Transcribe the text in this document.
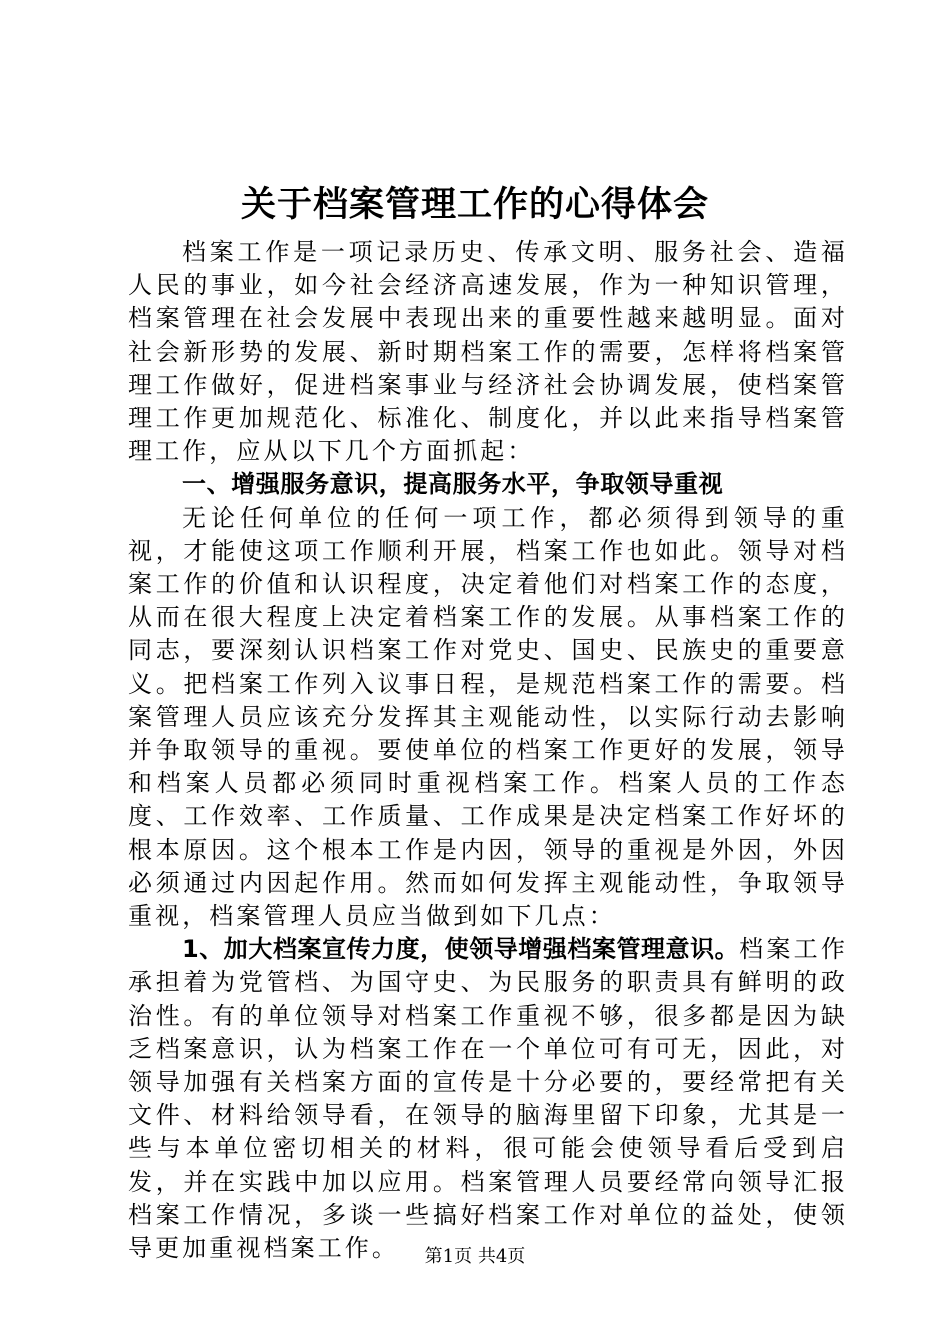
关于档案管理工作的心得体会

档案工作是一项记录历史、传承文明、服务社会、造福人民的事业，如今社会经济高速发展，作为一种知识管理，档案管理在社会发展中表现出来的重要性越来越明显。面对社会新形势的发展、新时期档案工作的需要，怎样将档案管理工作做好，促进档案事业与经济社会协调发展，使档案管理工作更加规范化、标准化、制度化，并以此来指导档案管理工作，应从以下几个方面抓起：

一、增强服务意识，提高服务水平，争取领导重视

无论任何单位的任何一项工作，都必须得到领导的重视，才能使这项工作顺利开展，档案工作也如此。领导对档案工作的价值和认识程度，决定着他们对档案工作的态度，从而在很大程度上决定着档案工作的发展。从事档案工作的同志，要深刻认识档案工作对党史、国史、民族史的重要意义。把档案工作列入议事日程，是规范档案工作的需要。档案管理人员应该充分发挥其主观能动性，以实际行动去影响并争取领导的重视。要使单位的档案工作更好的发展，领导和档案人员都必须同时重视档案工作。档案人员的工作态度、工作效率、工作质量、工作成果是决定档案工作好坏的根本原因。这个根本工作是内因，领导的重视是外因，外因必须通过内因起作用。然而如何发挥主观能动性，争取领导重视，档案管理人员应当做到如下几点：

1、加大档案宣传力度，使领导增强档案管理意识。档案工作承担着为党管档、为国守史、为民服务的职责具有鲜明的政治性。有的单位领导对档案工作重视不够，很多都是因为缺乏档案意识，认为档案工作在一个单位可有可无，因此，对领导加强有关档案方面的宣传是十分必要的，要经常把有关文件、材料给领导看，在领导的脑海里留下印象，尤其是一些与本单位密切相关的材料，很可能会使领导看后受到启发，并在实践中加以应用。档案管理人员要经常向领导汇报档案工作情况，多谈一些搞好档案工作对单位的益处，使领导更加重视档案工作。	第1页 共4页
